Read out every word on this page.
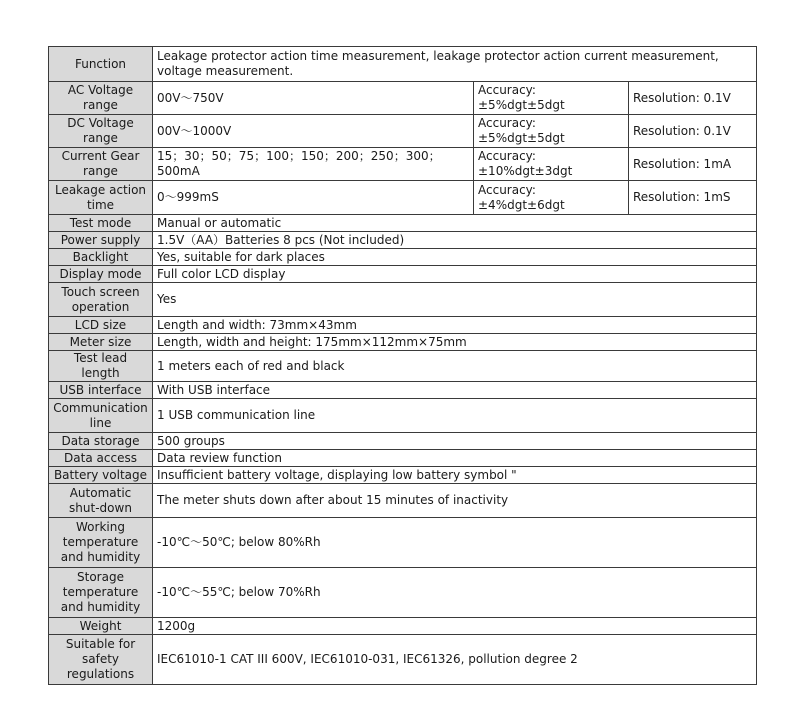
Function	Leakage protector action time measurement, leakage protector action current measurement, voltage measurement.		
AC Voltage range	00V～750V	Accuracy: ±5%dgt±5dgt	Resolution: 0.1V
DC Voltage range	00V～1000V	Accuracy: ±5%dgt±5dgt	Resolution: 0.1V
Current Gear range	15；30；50；75；100；150；200；250；300；500mA	Accuracy: ±10%dgt±3dgt	Resolution: 1mA
Leakage action time	0～999mS	Accuracy: ±4%dgt±6dgt	Resolution: 1mS
Test mode	Manual or automatic		
Power supply	1.5V（AA）Batteries 8 pcs (Not included)		
Backlight	Yes, suitable for dark places		
Display mode	Full color LCD display		
Touch screen operation	Yes		
LCD size	Length and width: 73mm×43mm		
Meter size	Length, width and height: 175mm×112mm×75mm		
Test lead length	1 meters each of red and black		
USB interface	With USB interface		
Communication line	1 USB communication line		
Data storage	500 groups		
Data access	Data review function		
Battery voltage	Insufficient battery voltage, displaying low battery symbol "		
Automatic shut-down	The meter shuts down after about 15 minutes of inactivity		
Working temperature and humidity	-10℃～50℃; below 80%Rh		
Storage temperature and humidity	-10℃～55℃; below 70%Rh		
Weight	1200g		
Suitable for safety regulations	IEC61010-1 CAT III 600V, IEC61010-031, IEC61326, pollution degree 2		
